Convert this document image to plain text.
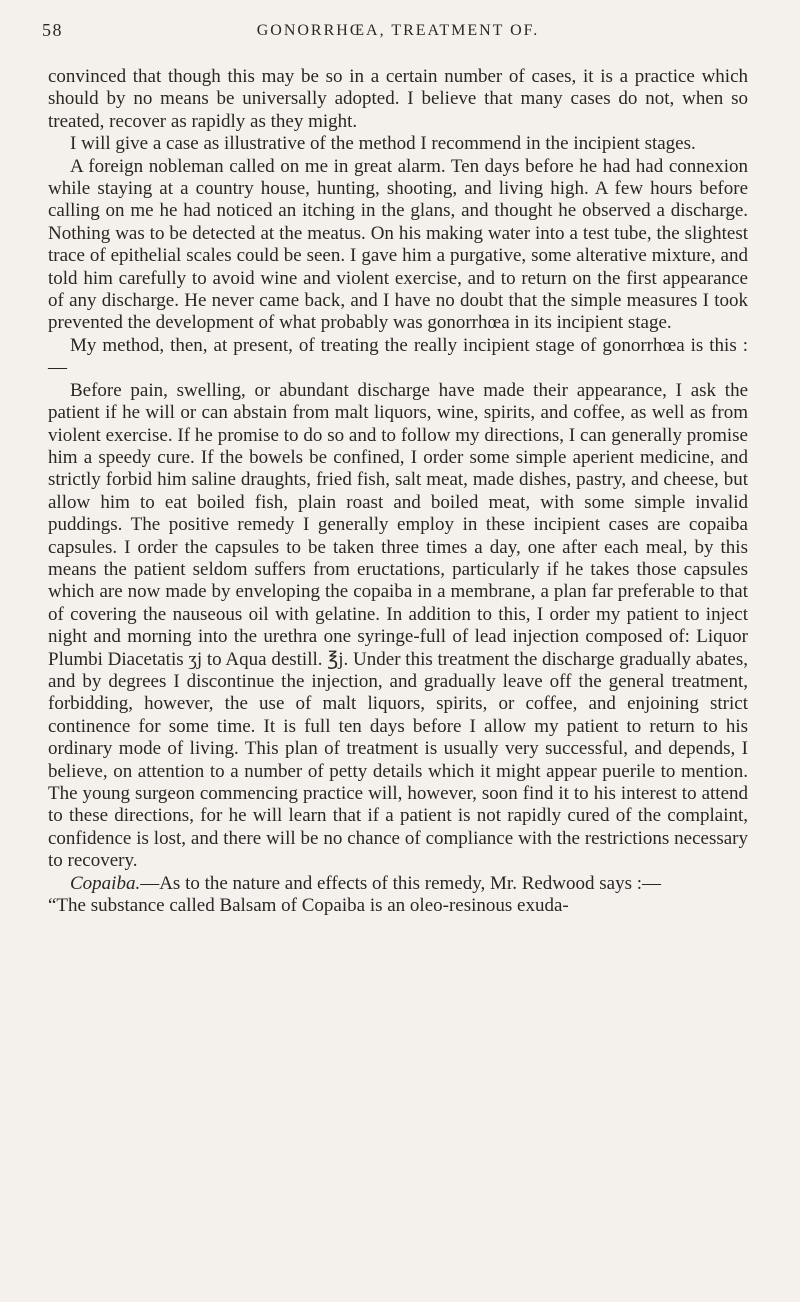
58	GONORRHŒA, TREATMENT OF.

convinced that though this may be so in a certain number of cases, it is a practice which should by no means be universally adopted. I believe that many cases do not, when so treated, recover as rapidly as they might.

I will give a case as illustrative of the method I recommend in the incipient stages.

A foreign nobleman called on me in great alarm. Ten days before he had had connexion while staying at a country house, hunting, shooting, and living high. A few hours before calling on me he had noticed an itching in the glans, and thought he observed a discharge. Nothing was to be detected at the meatus. On his making water into a test tube, the slightest trace of epithelial scales could be seen. I gave him a purgative, some alterative mixture, and told him carefully to avoid wine and violent exercise, and to return on the first appearance of any discharge. He never came back, and I have no doubt that the simple measures I took prevented the development of what probably was gonorrhœa in its incipient stage.

My method, then, at present, of treating the really incipient stage of gonorrhœa is this :—

Before pain, swelling, or abundant discharge have made their appearance, I ask the patient if he will or can abstain from malt liquors, wine, spirits, and coffee, as well as from violent exercise. If he promise to do so and to follow my directions, I can generally promise him a speedy cure. If the bowels be confined, I order some simple aperient medicine, and strictly forbid him saline draughts, fried fish, salt meat, made dishes, pastry, and cheese, but allow him to eat boiled fish, plain roast and boiled meat, with some simple invalid puddings. The positive remedy I generally employ in these incipient cases are copaiba capsules. I order the capsules to be taken three times a day, one after each meal, by this means the patient seldom suffers from eructations, particularly if he takes those capsules which are now made by enveloping the copaiba in a membrane, a plan far preferable to that of covering the nauseous oil with gelatine. In addition to this, I order my patient to inject night and morning into the urethra one syringe-full of lead injection composed of: Liquor Plumbi Diacetatis ʒj to Aqua destill. ℥j. Under this treatment the discharge gradually abates, and by degrees I discontinue the injection, and gradually leave off the general treatment, forbidding, however, the use of malt liquors, spirits, or coffee, and enjoining strict continence for some time. It is full ten days before I allow my patient to return to his ordinary mode of living. This plan of treatment is usually very successful, and depends, I believe, on attention to a number of petty details which it might appear puerile to mention. The young surgeon commencing practice will, however, soon find it to his interest to attend to these directions, for he will learn that if a patient is not rapidly cured of the complaint, confidence is lost, and there will be no chance of compliance with the restrictions necessary to recovery.

Copaiba.—As to the nature and effects of this remedy, Mr. Redwood says :—

“The substance called Balsam of Copaiba is an oleo-resinous exuda-
